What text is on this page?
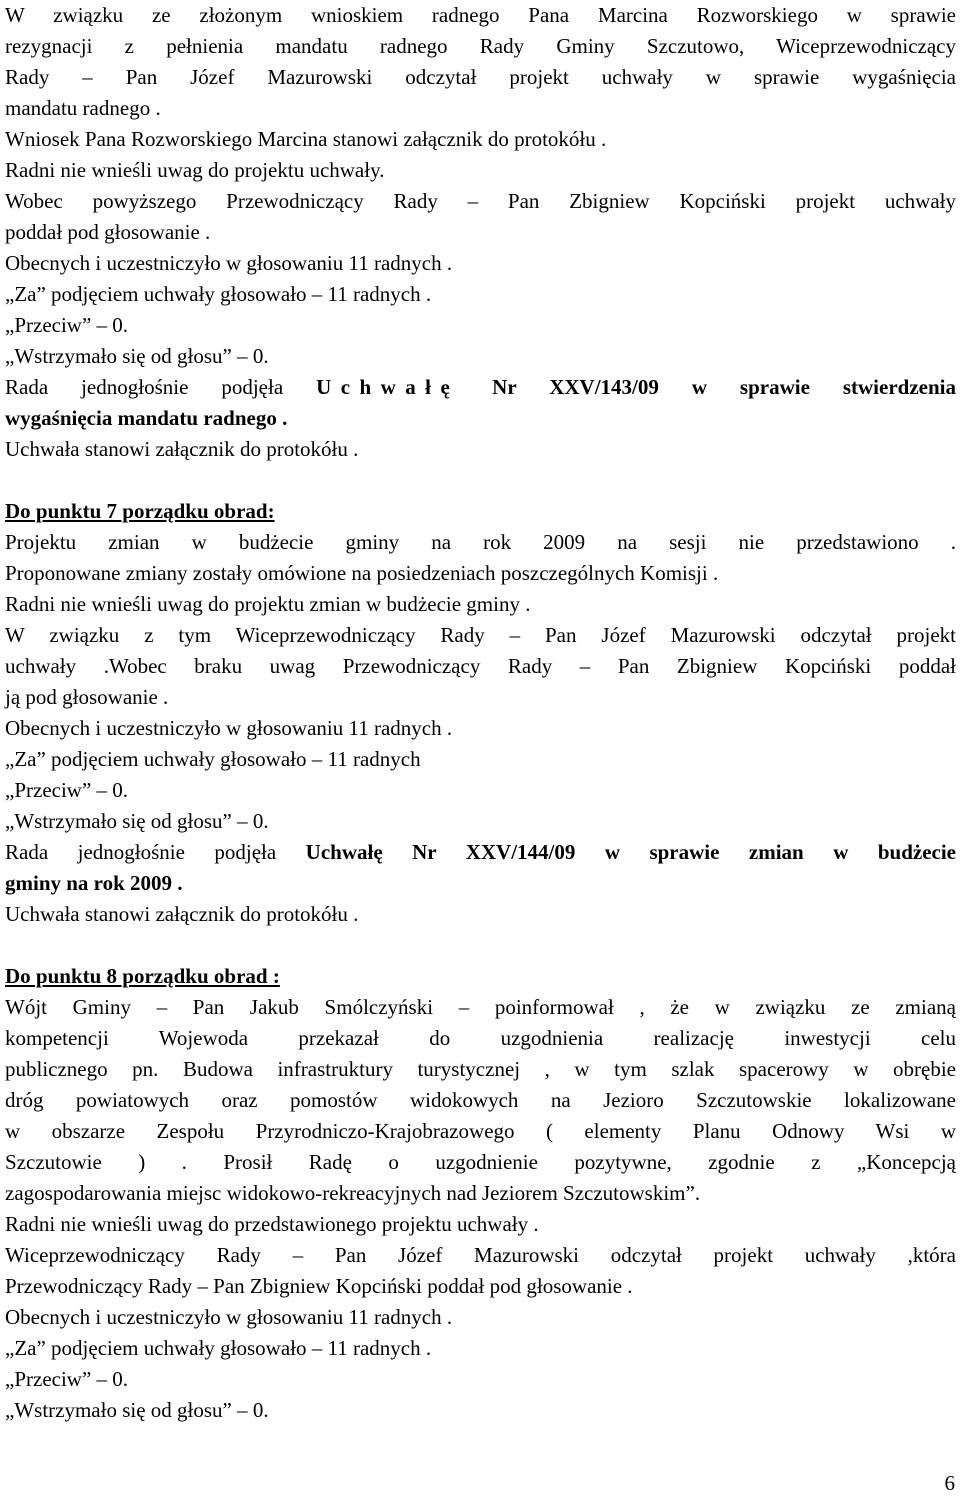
W związku ze złożonym wnioskiem radnego Pana Marcina Rozworskiego w sprawie
rezygnacji z pełnienia mandatu radnego Rady Gminy Szczutowo, Wiceprzewodniczący
Rady – Pan Józef Mazurowski odczytał projekt uchwały w sprawie wygaśnięcia
mandatu radnego .
Wniosek Pana Rozworskiego Marcina stanowi załącznik do protokółu .
Radni nie wnieśli uwag do projektu uchwały.
Wobec powyższego Przewodniczący Rady – Pan Zbigniew Kopciński projekt uchwały
poddał pod głosowanie .
Obecnych i uczestniczyło w głosowaniu 11 radnych .
„Za” podjęciem uchwały głosowało – 11 radnych .
„Przeciw” – 0.
„Wstrzymało się od głosu” – 0.
Rada jednogłośnie podjęła Uchwałę Nr XXV/143/09 w sprawie stwierdzenia
wygaśnięcia mandatu radnego .
Uchwała stanowi załącznik do protokółu .
Do punktu 7 porządku obrad:
Projektu zmian w budżecie gminy na rok 2009 na sesji nie przedstawiono .
Proponowane zmiany zostały omówione na posiedzeniach poszczególnych Komisji .
Radni nie wnieśli uwag do projektu zmian w budżecie gminy .
W związku z tym Wiceprzewodniczący Rady – Pan Józef Mazurowski odczytał projekt
uchwały .Wobec braku uwag Przewodniczący Rady – Pan Zbigniew Kopciński poddał
ją pod głosowanie .
Obecnych i uczestniczyło w głosowaniu 11 radnych .
„Za” podjęciem uchwały głosowało – 11 radnych
„Przeciw” – 0.
„Wstrzymało się od głosu” – 0.
Rada jednogłośnie podjęła Uchwałę Nr XXV/144/09 w sprawie zmian w budżecie
gminy na rok 2009 .
Uchwała stanowi załącznik do protokółu .
Do punktu 8 porządku obrad :
Wójt Gminy – Pan Jakub Smólczyński – poinformował , że w związku ze zmianą
kompetencji Wojewoda przekazał do uzgodnienia realizację inwestycji celu
publicznego pn. Budowa infrastruktury turystycznej , w tym szlak spacerowy w obrębie
dróg powiatowych oraz pomostów widokowych na Jezioro Szczutowskie lokalizowane
w obszarze Zespołu Przyrodniczo-Krajobrazowego ( elementy Planu Odnowy Wsi w
Szczutowie ) . Prosił Radę o uzgodnienie pozytywne, zgodnie z „Koncepcją
zagospodarowania miejsc widokowo-rekreacyjnych nad Jeziorem Szczutowskim”.
Radni nie wnieśli uwag do przedstawionego projektu uchwały .
Wiceprzewodniczący Rady – Pan Józef Mazurowski odczytał projekt uchwały ,która
Przewodniczący Rady – Pan Zbigniew Kopciński poddał pod głosowanie .
Obecnych i uczestniczyło w głosowaniu 11 radnych .
„Za” podjęciem uchwały głosowało – 11 radnych .
„Przeciw” – 0.
„Wstrzymało się od głosu” – 0.
6
